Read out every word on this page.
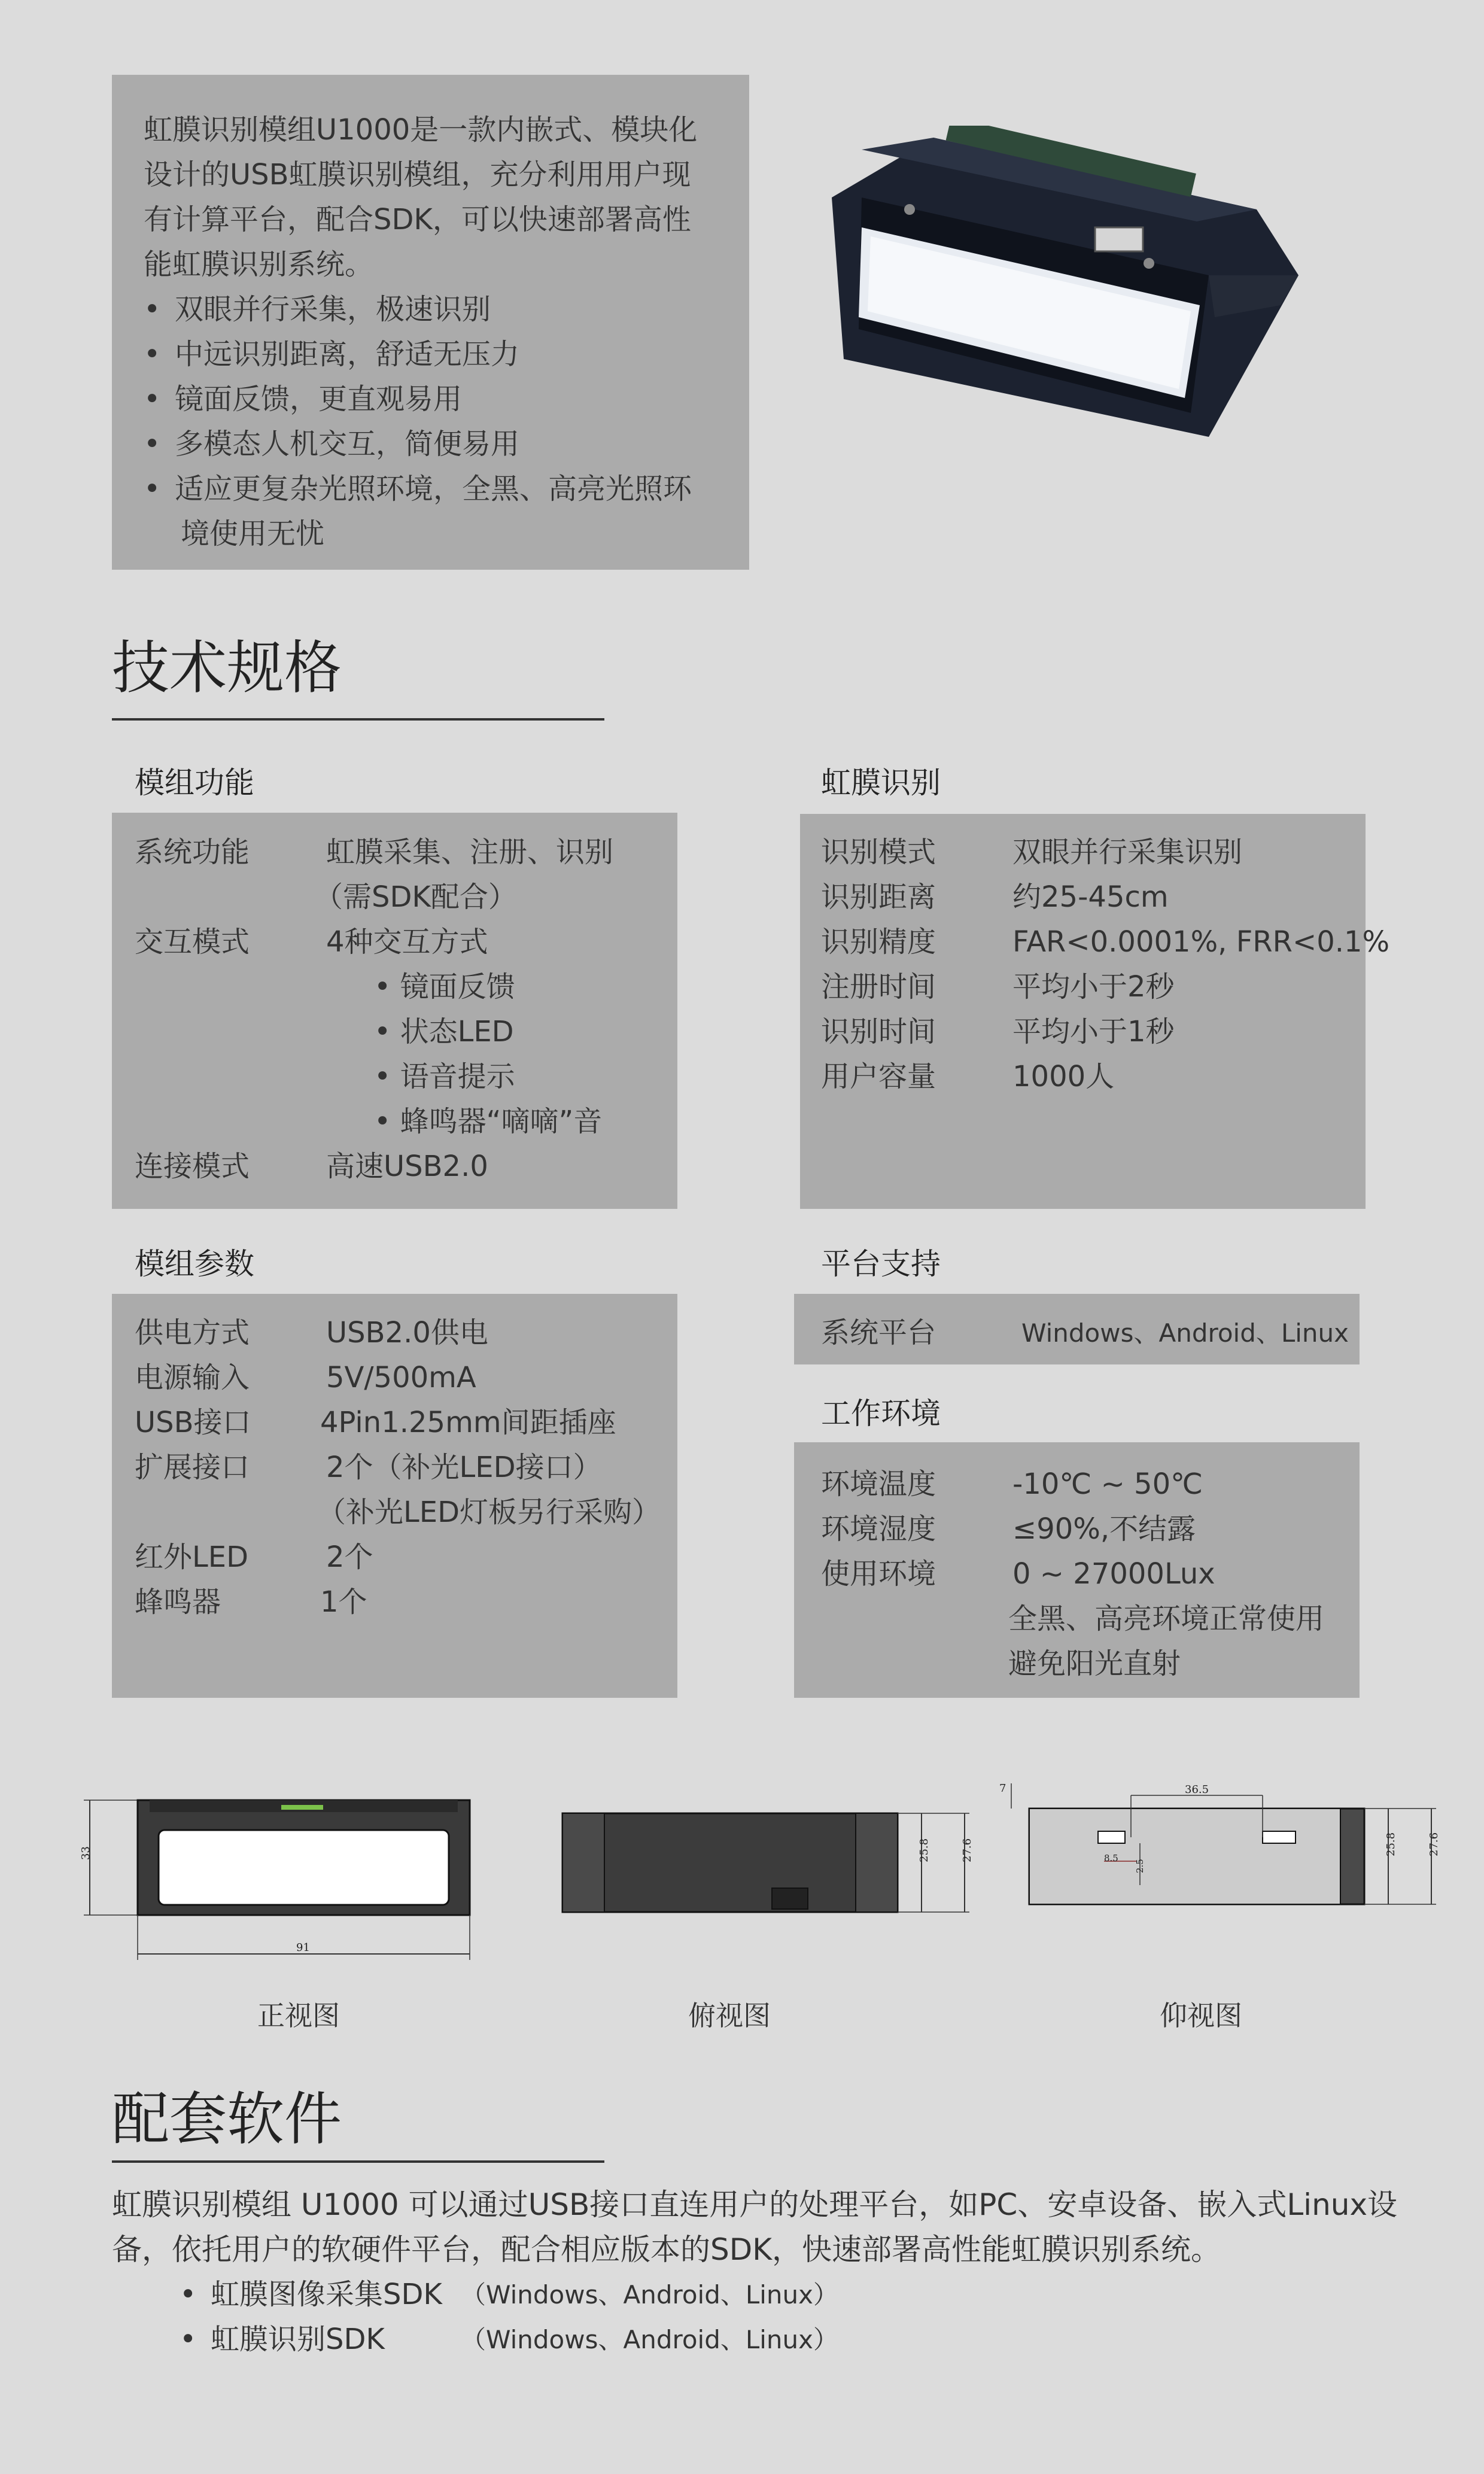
虹膜识别模组U1000是一款内嵌式、模块化

设计的USB虹膜识别模组，充分利用用户现

有计算平台，配合SDK，可以快速部署高性

能虹膜识别系统。

• 双眼并行采集，极速识别

• 中远识别距离，舒适无压力

• 镜面反馈，更直观易用

• 多模态人机交互，简便易用

• 适应更复杂光照环境，全黑、高亮光照环

境使用无忧

技术规格
模组功能
系统功能	虹膜采集、注册、识别
（需SDK配合）
交互模式	4种交互方式
• 镜面反馈
• 状态LED
• 语音提示
• 蜂鸣器“嘀嘀”音
连接模式	高速USB2.0
虹膜识别
识别模式	双眼并行采集识别
识别距离	约25-45cm
识别精度	FAR<0.0001%, FRR<0.1%
注册时间	平均小于2秒
识别时间	平均小于1秒
用户容量	1000人
模组参数
供电方式	USB2.0供电
电源输入	5V/500mA
USB接口 4Pin1.25mm间距插座
扩展接口	2个（补光LED接口）
（补光LED灯板另行采购）
红外LED	2个
蜂鸣器	1个
平台支持
系统平台	Windows、Android、Linux
工作环境
环境温度	-10℃ ~ 50℃
环境湿度	≤90%,不结露
使用环境	0 ~ 27000Lux
全黑、高亮环境正常使用
避免阳光直射
33
91
25.8	27.6
36.5
7
8.5
2.5
25.8	27.6
正视图	俯视图	仰视图
配套软件
虹膜识别模组 U1000 可以通过USB接口直连用户的处理平台，如PC、安卓设备、嵌入式Linux设
备，依托用户的软硬件平台，配合相应版本的SDK，快速部署高性能虹膜识别系统。
• 虹膜图像采集SDK （Windows、Android、Linux）
• 虹膜识别SDK	（Windows、Android、Linux）
